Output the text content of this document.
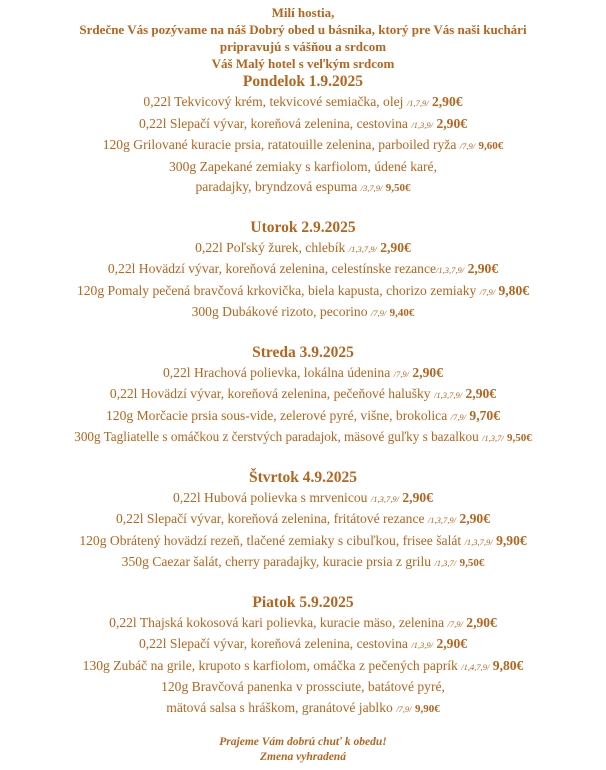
Milí hostia,
Srdečne Vás pozývame na náš Dobrý obed u básnika, ktorý pre Vás naši kuchári
pripravujú s vášňou a srdcom
Váš Malý hotel s veľkým srdcom
Pondelok 1.9.2025
0,22l Tekvicový krém, tekvicové semiačka, olej /1,7,9/ 2,90€
0,22l Slepačí vývar, koreňová zelenina, cestovina /1,3,9/ 2,90€
120g Grilované kuracie prsia, ratatouille zelenina, parboiled ryža /7,9/ 9,60€
300g Zapekané zemiaky s karfiolom, údené karé,
paradajky, bryndzová espuma /3,7,9/ 9,50€
Utorok 2.9.2025
0,22l Poľský žurek, chlebík /1,3,7,9/ 2,90€
0,22l Hovädzí vývar, koreňová zelenina, celestínske rezance/1,3,7,9/ 2,90€
120g Pomaly pečená bravčová krkovička, biela kapusta, chorizo zemiaky /7,9/ 9,80€
300g Dubákové rizoto, pecorino /7,9/ 9,40€
Streda 3.9.2025
0,22l Hrachová polievka, lokálna údenina /7,9/ 2,90€
0,22l Hovädzí vývar, koreňová zelenina, pečeňové halušky /1,3,7,9/ 2,90€
120g Morčacie prsia sous-vide, zelerové pyré, višne, brokolica /7,9/ 9,70€
300g Tagliatelle s omáčkou z čerstvých paradajok, mäsové guľky s bazalkou /1,3,7/ 9,50€
Štvrtok 4.9.2025
0,22l Hubová polievka s mrvenicou /1,3,7,9/ 2,90€
0,22l Slepačí vývar, koreňová zelenina, fritátové rezance /1,3,7,9/ 2,90€
120g Obrátený hovädzí rezeň, tlačené zemiaky s cibuľkou, frisee šalát /1,3,7,9/ 9,90€
350g Caezar šalát, cherry paradajky, kuracie prsia z grilu /1,3,7/ 9,50€
Piatok 5.9.2025
0,22l Thajská kokosová kari polievka, kuracie mäso, zelenina /7,9/ 2,90€
0,22l Slepačí vývar, koreňová zelenina, cestovina /1,3,9/ 2,90€
130g Zubáč na grile, krupoto s karfiolom, omáčka z pečených paprík /1,4,7,9/ 9,80€
120g Bravčová panenka v prossciute, batátové pyré,
mätová salsa s hráškom, granátové jablko /7,9/ 9,90€
Prajeme Vám dobrú chuť k obedu!
Zmena vyhradená
